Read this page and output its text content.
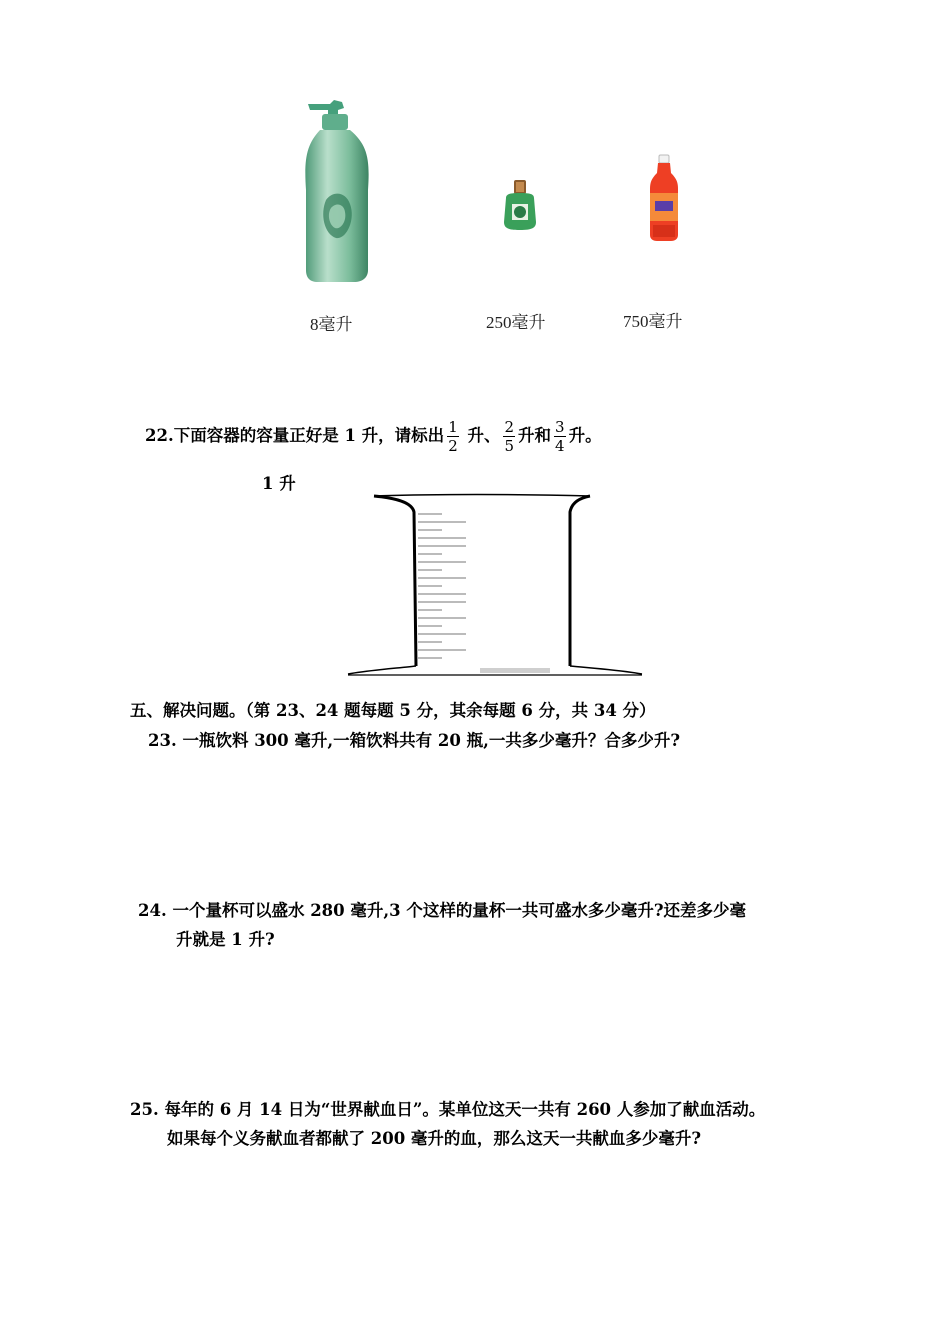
8毫升	250毫升	750毫升
22.下面容器的容量正好是 1 升，请标出 $\frac{1}{2}$ 升、 $\frac{2}{5}$ 升和 $\frac{3}{4}$ 升。
1 升
五、解决问题。（第 23、24 题每题 5 分，其余每题 6 分，共 34 分）
23. 一瓶饮料 300 毫升,一箱饮料共有 20 瓶,一共多少毫升？合多少升?
24. 一个量杯可以盛水 280 毫升,3 个这样的量杯一共可盛水多少毫升?还差多少毫
升就是 1 升?
25. 每年的 6 月 14 日为“世界献血日”。某单位这天一共有 260 人参加了献血活动。
如果每个义务献血者都献了 200 毫升的血，那么这天一共献血多少毫升?
